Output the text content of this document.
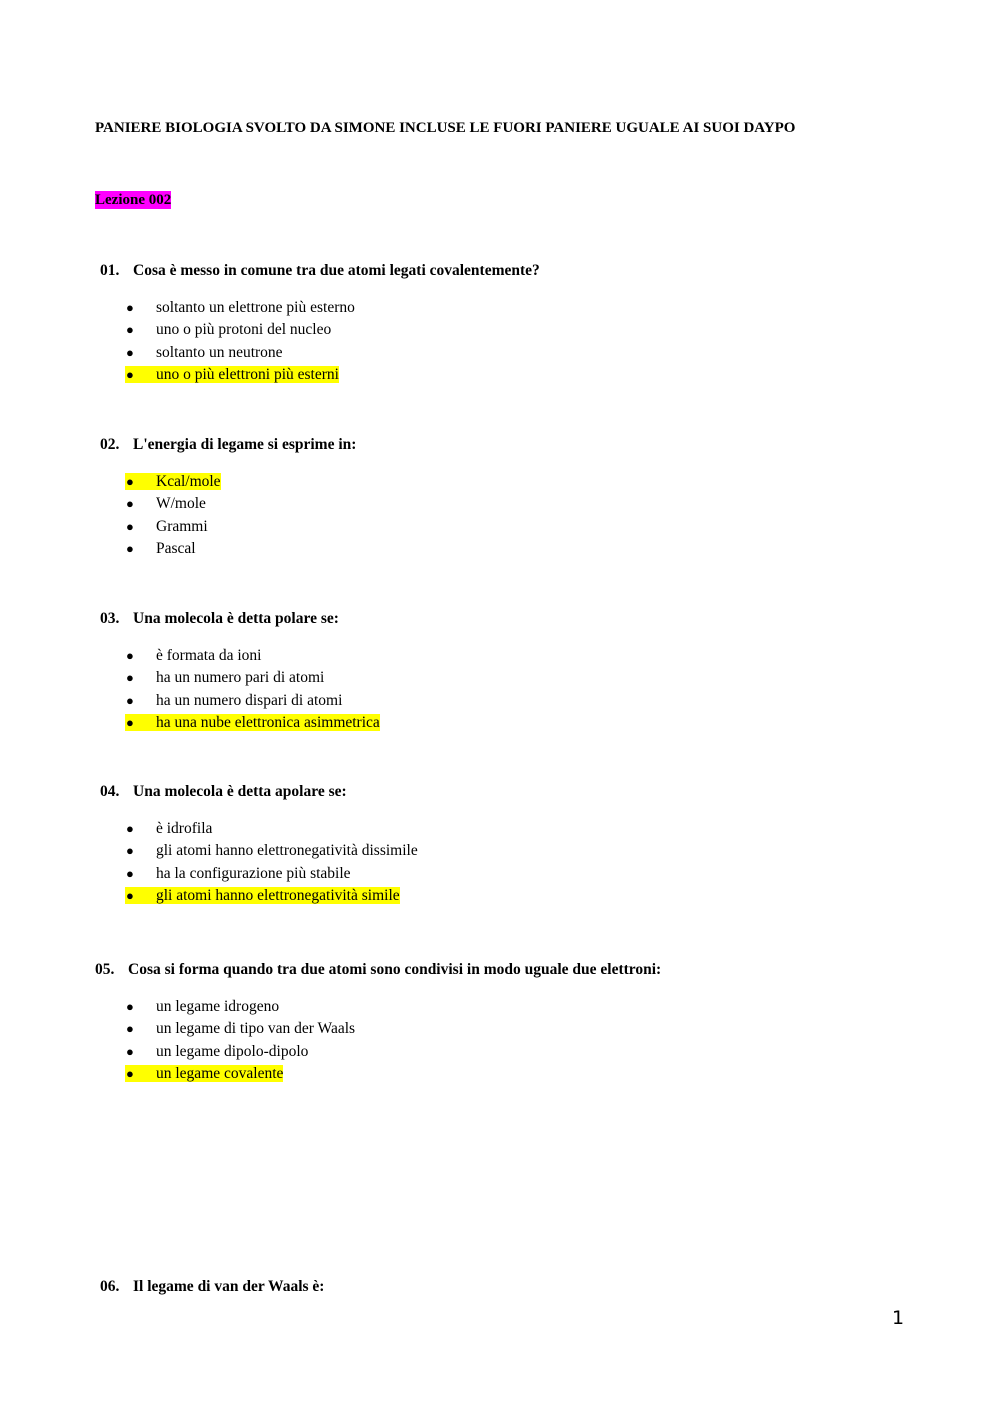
PANIERE BIOLOGIA SVOLTO DA SIMONE INCLUSE LE FUORI PANIERE UGUALE AI SUOI DAYPO

Lezione 002

01. Cosa è messo in comune tra due atomi legati covalentemente?

● soltanto un elettrone più esterno
● uno o più protoni del nucleo
● soltanto un neutrone
● uno o più elettroni più esterni

02. L'energia di legame si esprime in:

● Kcal/mole
● W/mole
● Grammi
● Pascal

03. Una molecola è detta polare se:

● è formata da ioni
● ha un numero pari di atomi
● ha un numero dispari di atomi
● ha una nube elettronica asimmetrica

04. Una molecola è detta apolare se:

● è idrofila
● gli atomi hanno elettronegatività dissimile
● ha la configurazione più stabile
● gli atomi hanno elettronegatività simile

05. Cosa si forma quando tra due atomi sono condivisi in modo uguale due elettroni:

● un legame idrogeno
● un legame di tipo van der Waals
● un legame dipolo-dipolo
● un legame covalente

06. Il legame di van der Waals è:

1
